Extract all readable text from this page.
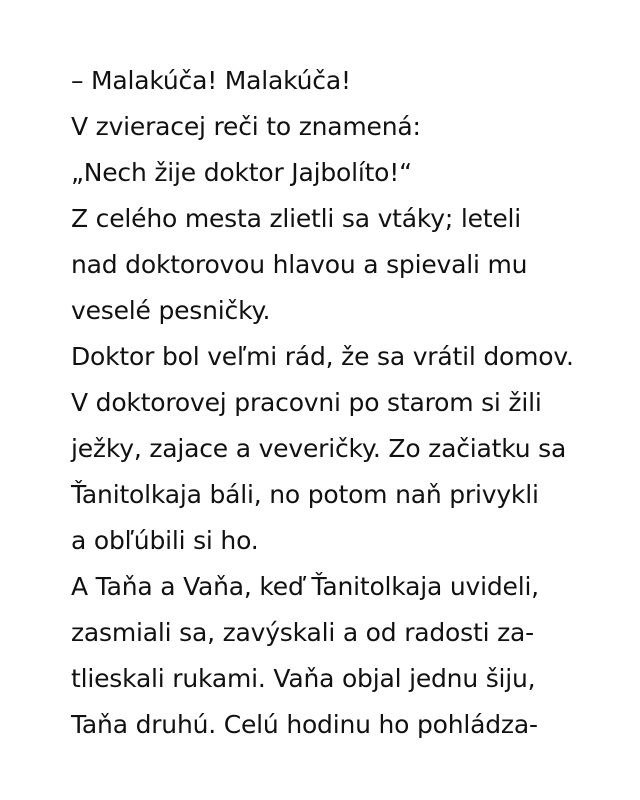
– Malakúča! Malakúča!
V zvieracej reči to znamená:
„Nech žije doktor Jajbolíto!“
Z celého mesta zlietli sa vtáky; leteli
nad doktorovou hlavou a spievali mu
veselé pesničky.
Doktor bol veľmi rád, že sa vrátil domov.
V doktorovej pracovni po starom si žili
ježky, zajace a veveričky. Zo začiatku sa
Ťanitolkaja báli, no potom naň privykli
a obľúbili si ho.
A Taňa a Vaňa, keď Ťanitolkaja uvideli,
zasmiali sa, zavýskali a od radosti za-
tlieskali rukami. Vaňa objal jednu šiju,
Taňa druhú. Celú hodinu ho pohládza-
